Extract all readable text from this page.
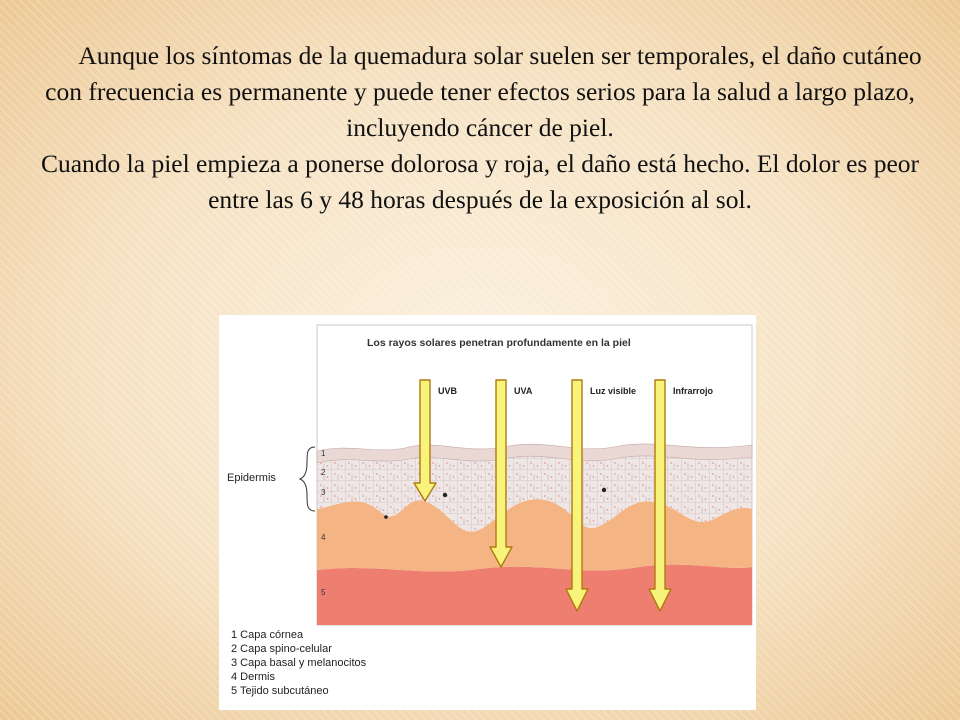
Aunque los síntomas de la quemadura solar suelen ser temporales, el daño cutáneo con frecuencia es permanente y puede tener efectos serios para la salud a largo plazo, incluyendo cáncer de piel.

Cuando la piel empieza a ponerse dolorosa y roja, el daño está hecho. El dolor es peor entre las 6 y 48 horas después de la exposición al sol.

Los rayos solares penetran profundamente en la piel
1
2
3
4
5
Epidermis
UVB	UVA	Luz visible	Infrarrojo
1 Capa córnea
2 Capa spino-celular
3 Capa basal y melanocitos
4 Dermis
5 Tejido subcutáneo
